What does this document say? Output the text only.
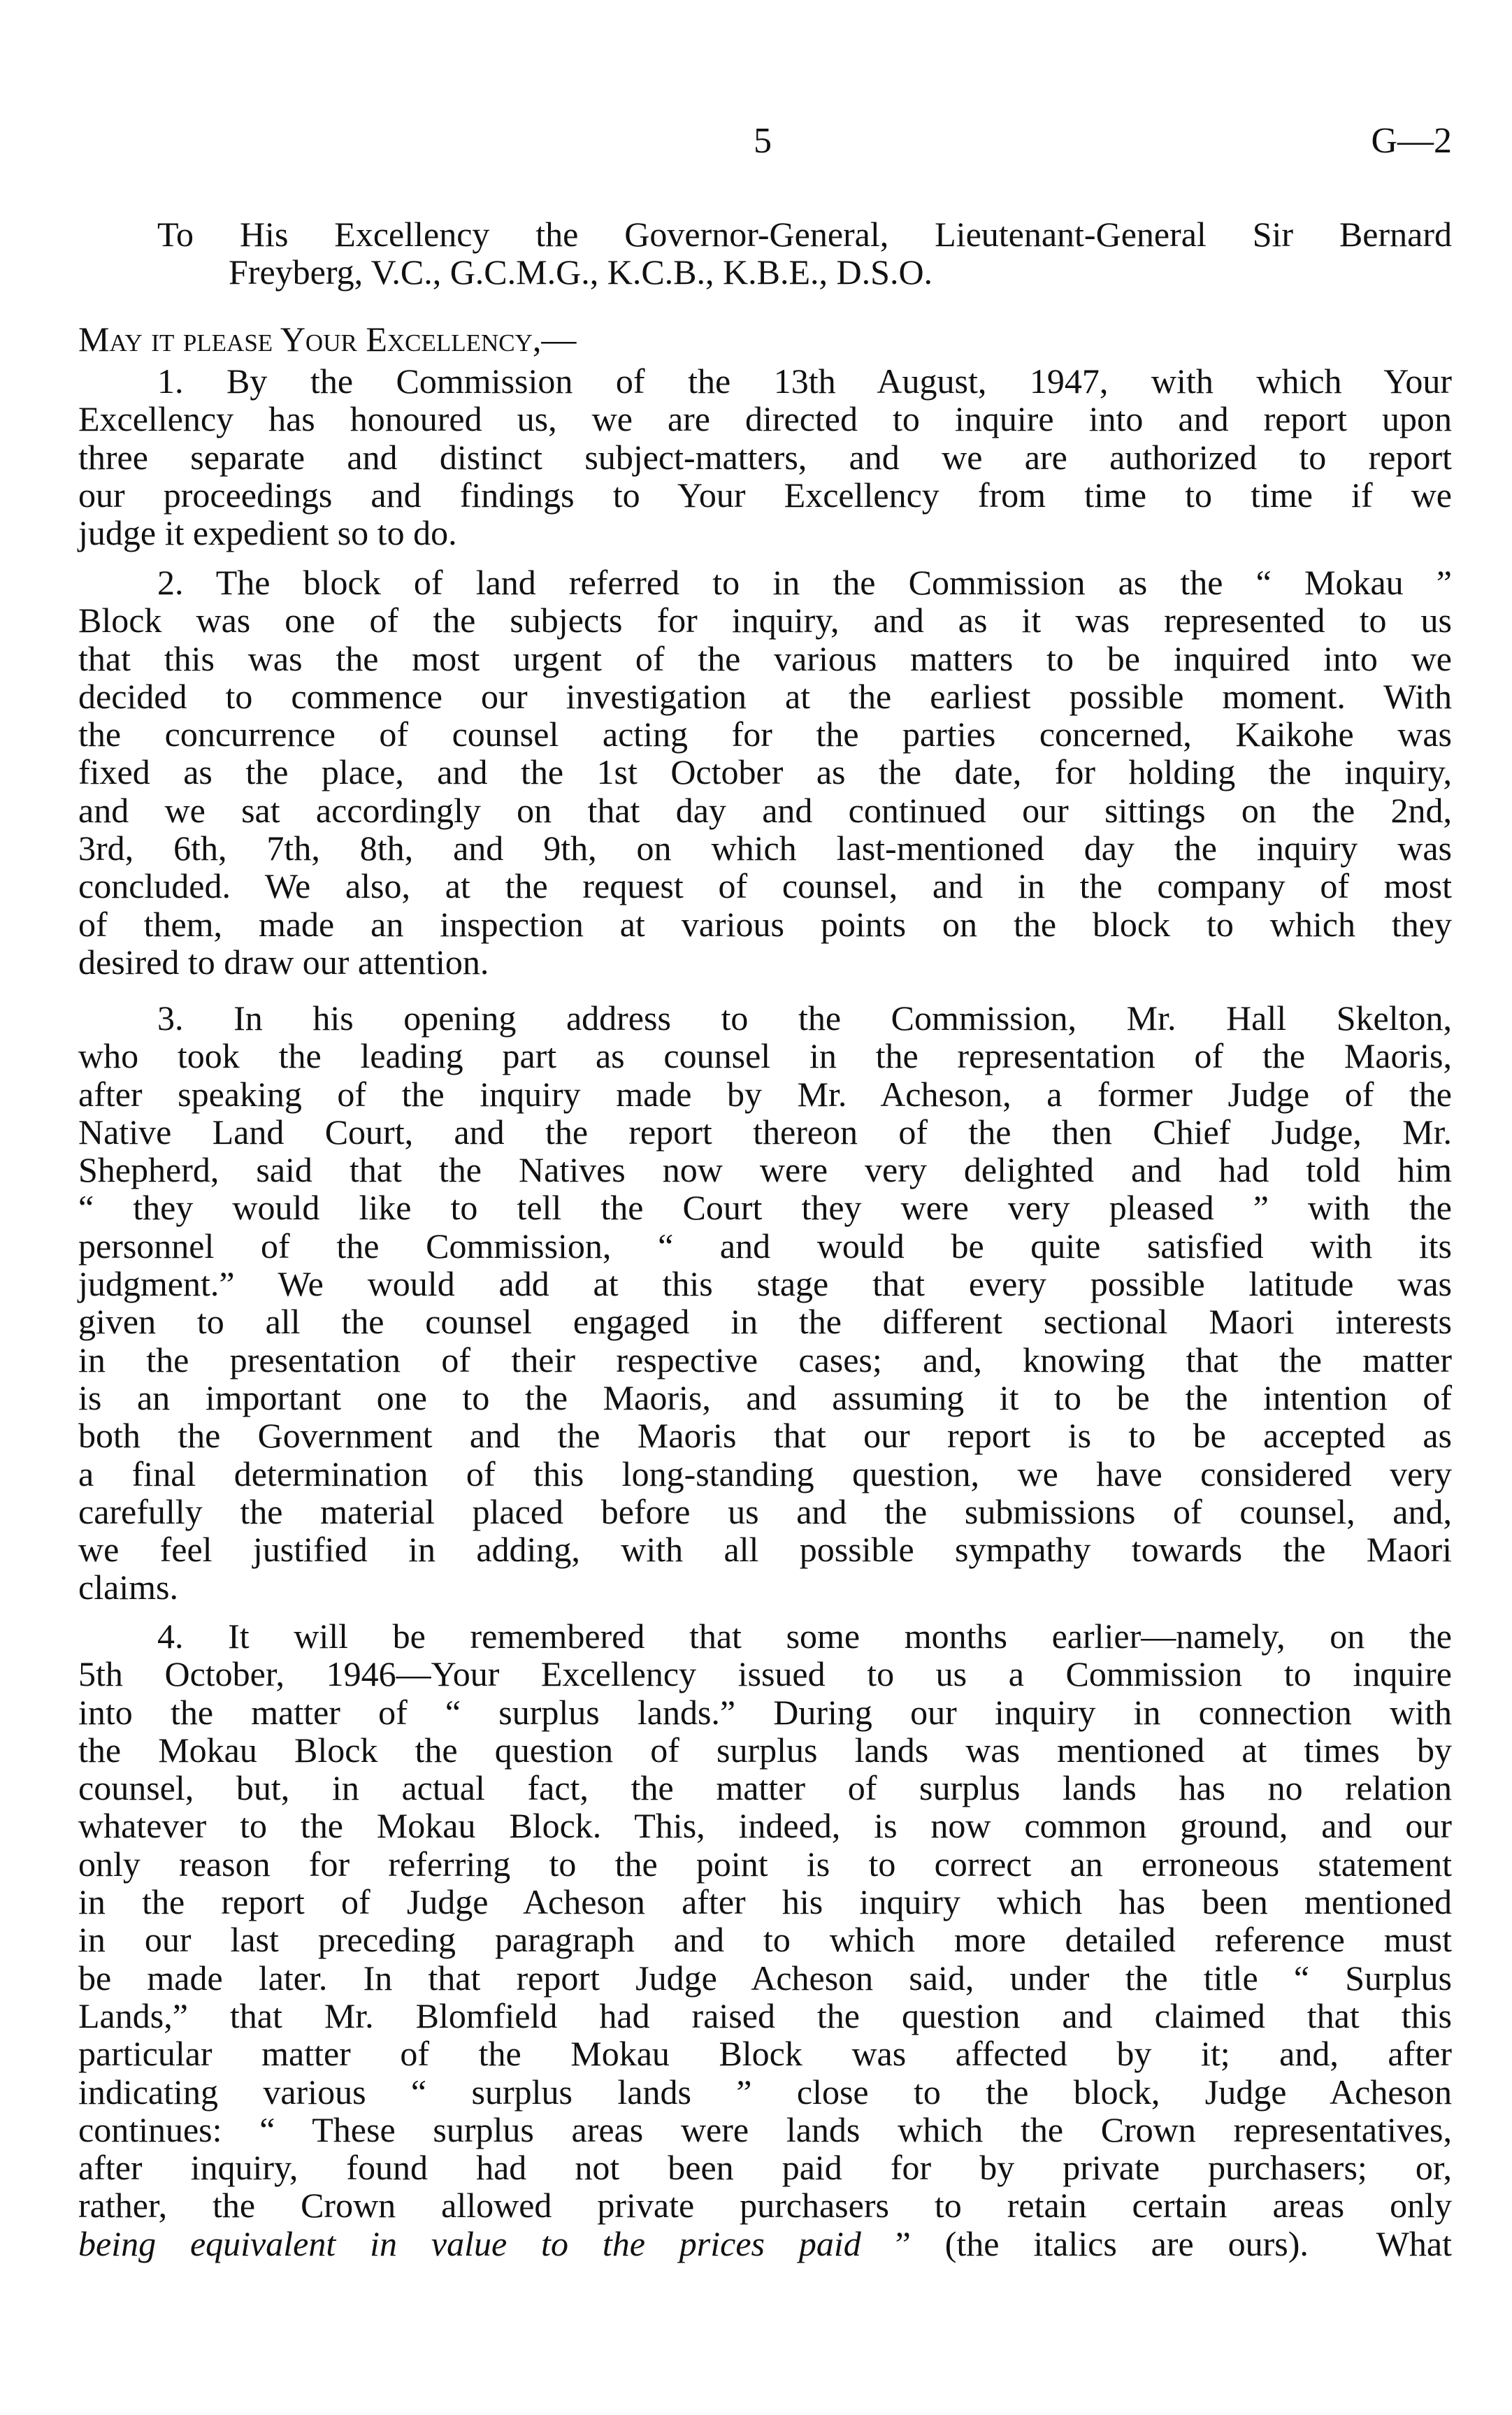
5	G—2
To His Excellency the Governor-General, Lieutenant-General Sir Bernard
Freyberg, V.C., G.C.M.G., K.C.B., K.B.E., D.S.O.
May it please Your Excellency,—
1. By the Commission of the 13th August, 1947, with which Your
Excellency has honoured us, we are directed to inquire into and report upon
three separate and distinct subject-matters, and we are authorized to report
our proceedings and findings to Your Excellency from time to time if we
judge it expedient so to do.
2. The block of land referred to in the Commission as the “ Mokau ”
Block was one of the subjects for inquiry, and as it was represented to us
that this was the most urgent of the various matters to be inquired into we
decided to commence our investigation at the earliest possible moment. With
the concurrence of counsel acting for the parties concerned, Kaikohe was
fixed as the place, and the 1st October as the date, for holding the inquiry,
and we sat accordingly on that day and continued our sittings on the 2nd,
3rd, 6th, 7th, 8th, and 9th, on which last-mentioned day the inquiry was
concluded. We also, at the request of counsel, and in the company of most
of them, made an inspection at various points on the block to which they
desired to draw our attention.
3. In his opening address to the Commission, Mr. Hall Skelton,
who took the leading part as counsel in the representation of the Maoris,
after speaking of the inquiry made by Mr. Acheson, a former Judge of the
Native Land Court, and the report thereon of the then Chief Judge, Mr.
Shepherd, said that the Natives now were very delighted and had told him
“ they would like to tell the Court they were very pleased ” with the
personnel of the Commission, “ and would be quite satisfied with its
judgment.” We would add at this stage that every possible latitude was
given to all the counsel engaged in the different sectional Maori interests
in the presentation of their respective cases; and, knowing that the matter
is an important one to the Maoris, and assuming it to be the intention of
both the Government and the Maoris that our report is to be accepted as
a final determination of this long-standing question, we have considered very
carefully the material placed before us and the submissions of counsel, and,
we feel justified in adding, with all possible sympathy towards the Maori
claims.
4. It will be remembered that some months earlier—namely, on the
5th October, 1946—Your Excellency issued to us a Commission to inquire
into the matter of “ surplus lands.” During our inquiry in connection with
the Mokau Block the question of surplus lands was mentioned at times by
counsel, but, in actual fact, the matter of surplus lands has no relation
whatever to the Mokau Block. This, indeed, is now common ground, and our
only reason for referring to the point is to correct an erroneous statement
in the report of Judge Acheson after his inquiry which has been mentioned
in our last preceding paragraph and to which more detailed reference must
be made later. In that report Judge Acheson said, under the title “ Surplus
Lands,” that Mr. Blomfield had raised the question and claimed that this
particular matter of the Mokau Block was affected by it; and, after
indicating various “ surplus lands ” close to the block, Judge Acheson
continues: “ These surplus areas were lands which the Crown representatives,
after inquiry, found had not been paid for by private purchasers; or,
rather, the Crown allowed private purchasers to retain certain areas only
being equivalent in value to the prices paid ” (the italics are ours).  What
